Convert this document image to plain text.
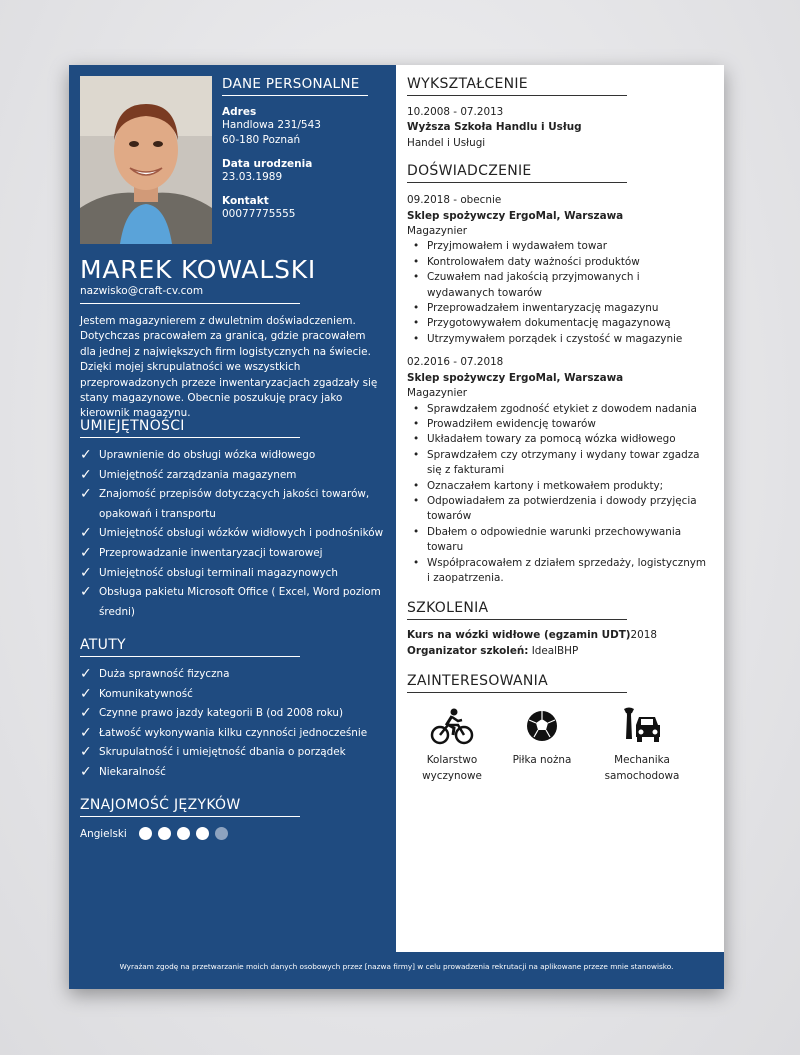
DANE PERSONALNE
Adres
Handlowa 231/543
60-180 Poznań
Data urodzenia
23.03.1989
Kontakt
00077775555
MAREK KOWALSKI
nazwisko@craft-cv.com
Jestem magazynierem z dwuletnim doświadczeniem. Dotychczas pracowałem za granicą, gdzie pracowałem dla jednej z największych firm logistycznych na świecie. Dzięki mojej skrupulatności we wszystkich przeprowadzonych przeze inwentaryzacjach zgadzały się stany magazynowe. Obecnie poszukuję pracy jako kierownik magazynu.
UMIEJĘTNOŚCI
✓ Uprawnienie do obsługi wózka widłowego
✓ Umiejętność zarządzania magazynem
✓ Znajomość przepisów dotyczących jakości towarów, opakowań i transportu
✓ Umiejętność obsługi wózków widłowych i podnośników
✓ Przeprowadzanie inwentaryzacji towarowej
✓ Umiejętność obsługi terminali magazynowych
✓ Obsługa pakietu Microsoft Office ( Excel, Word poziom średni)
ATUTY
✓ Duża sprawność fizyczna
✓ Komunikatywność
✓ Czynne prawo jazdy kategorii B (od 2008 roku)
✓ Łatwość wykonywania kilku czynności jednocześnie
✓ Skrupulatność i umiejętność dbania o porządek
✓ Niekaralność
ZNAJOMOŚĆ JĘZYKÓW
Angielski
WYKSZTAŁCENIE
10.2008 - 07.2013
Wyższa Szkoła Handlu i Usług
Handel i Usługi
DOŚWIADCZENIE
09.2018 - obecnie
Sklep spożywczy ErgoMal, Warszawa
Magazynier
• Przyjmowałem i wydawałem towar
• Kontrolowałem daty ważności produktów
• Czuwałem nad jakością przyjmowanych i wydawanych towarów
• Przeprowadzałem inwentaryzację magazynu
• Przygotowywałem dokumentację magazynową
• Utrzymywałem porządek i czystość w magazynie
02.2016 - 07.2018
Sklep spożywczy ErgoMal, Warszawa
Magazynier
• Sprawdzałem zgodność etykiet z dowodem nadania
• Prowadziłem ewidencję towarów
• Układałem towary za pomocą wózka widłowego
• Sprawdzałem czy otrzymany i wydany towar zgadza się z fakturami
• Oznaczałem kartony i metkowałem produkty;
• Odpowiadałem za potwierdzenia i dowody przyjęcia towarów
• Dbałem o odpowiednie warunki przechowywania towaru
• Współpracowałem z działem sprzedaży, logistycznym i zaopatrzenia.
SZKOLENIA
Kurs na wózki widłowe (egzamin UDT)2018
Organizator szkoleń: IdealBHP
ZAINTERESOWANIA
Kolarstwo
wyczynowe
Piłka nożna	Mechanika
samochodowa
Wyrażam zgodę na przetwarzanie moich danych osobowych przez [nazwa firmy] w celu prowadzenia rekrutacji na aplikowane przeze mnie stanowisko.
